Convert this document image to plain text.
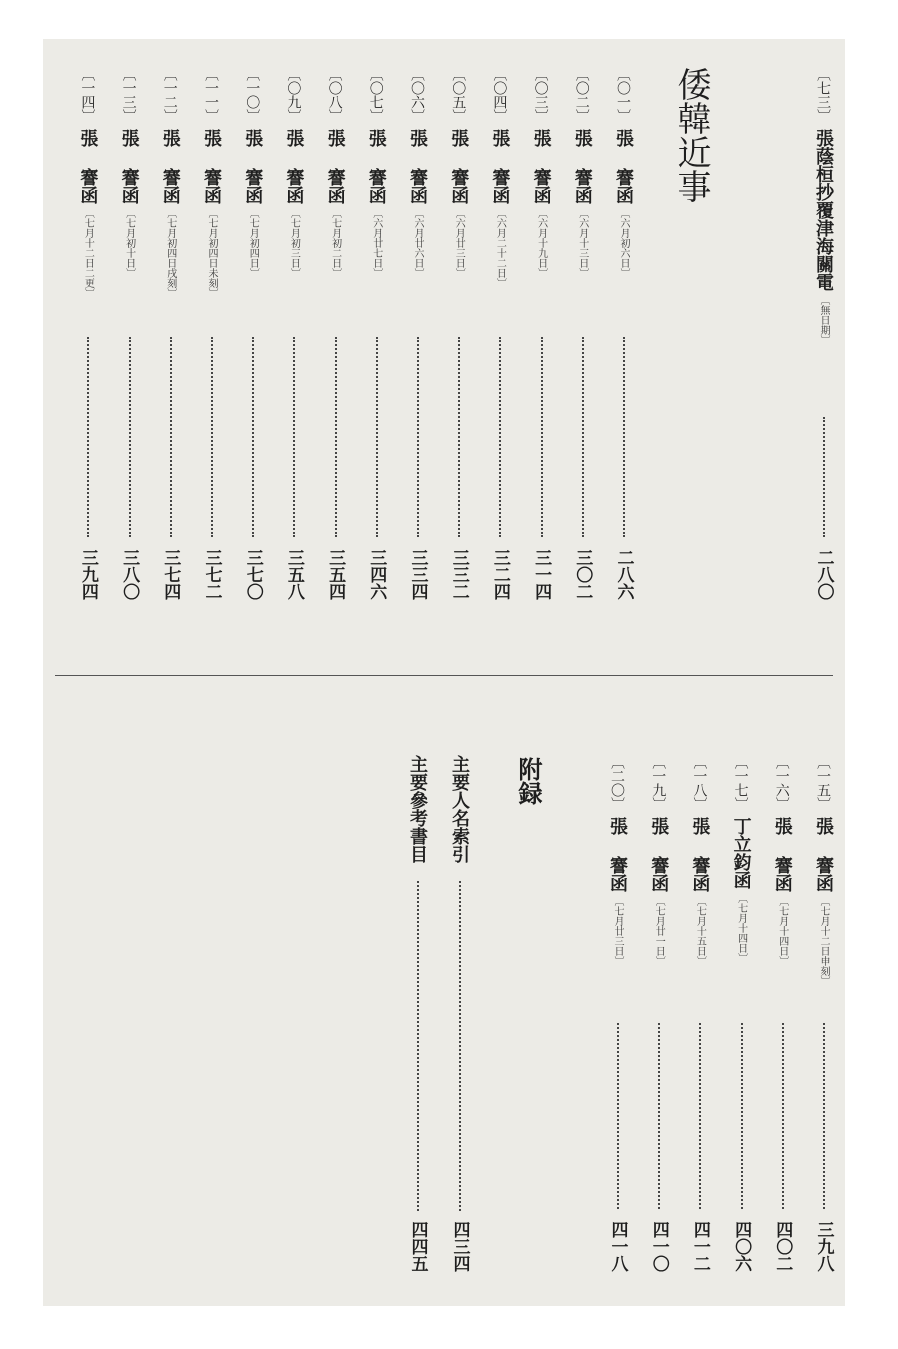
〔七三〕
張蔭桓抄覆津海關電
〔無日期〕
二八〇
倭韓近事
〔〇一〕
張 謇函
〔六月初六日〕
二八六
〔〇二〕
張 謇函
〔六月十三日〕
三〇二
〔〇三〕
張 謇函
〔六月十九日〕
三一四
〔〇四〕
張 謇函
〔六月二十二日〕
三二四
〔〇五〕
張 謇函
〔六月廿三日〕
三三二
〔〇六〕
張 謇函
〔六月廿六日〕
三三四
〔〇七〕
張 謇函
〔六月廿七日〕
三四六
〔〇八〕
張 謇函
〔七月初二日〕
三五四
〔〇九〕
張 謇函
〔七月初三日〕
三五八
〔一〇〕
張 謇函
〔七月初四日〕
三七〇
〔一一〕
張 謇函
〔七月初四日未刻〕
三七二
〔一二〕
張 謇函
〔七月初四日戌刻〕
三七四
〔一三〕
張 謇函
〔七月初十日〕
三八〇
〔一四〕
張 謇函
〔七月十二日二更〕
三九四
〔一五〕
張 謇函
〔七月十二日申刻〕
三九八
〔一六〕
張 謇函
〔七月十四日〕
四〇二
〔一七〕
丁立鈞函
〔七月十四日〕
四〇六
〔一八〕
張 謇函
〔七月十五日〕
四一二
〔一九〕
張 謇函
〔七月廿一日〕
四一〇
〔二〇〕
張 謇函
〔七月廿三日〕
四一八
附録
主要人名索引
四三四
主要參考書目
四四五
